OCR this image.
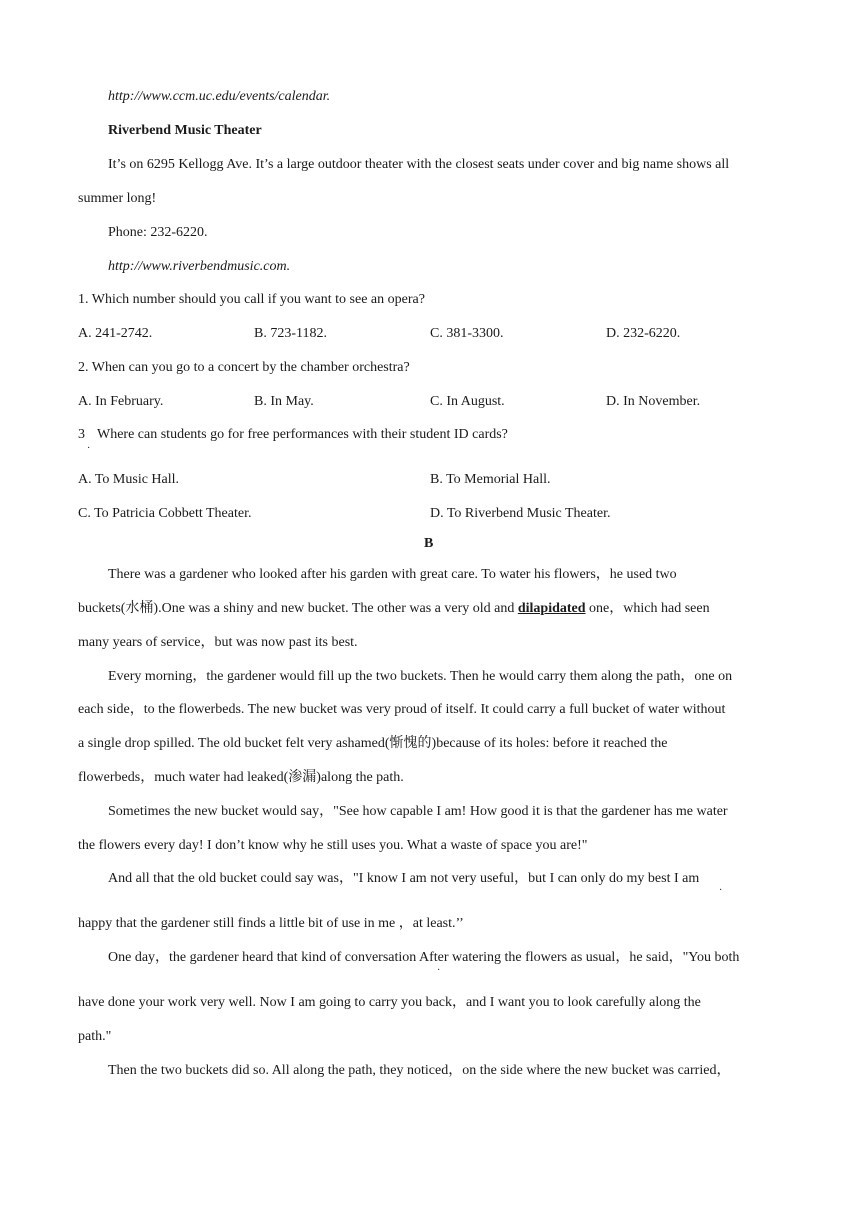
http://www.ccm.uc.edu/events/calendar.
Riverbend Music Theater
It’s on 6295 Kellogg Ave. It’s a large outdoor theater with the closest seats under cover and big name shows all
summer long!
Phone: 232-6220.
http://www.riverbendmusic.com.
1. Which number should you call if you want to see an opera?
A. 241-2742.	B. 723-1182.	C. 381-3300.	D. 232-6220.
2. When can you go to a concert by the chamber orchestra?
A. In February.	B. In May.	C. In August.	D. In November.
3
·
Where can students go for free performances with their student ID cards?
A. To Music Hall.	B. To Memorial Hall.
C. To Patricia Cobbett Theater.	D. To Riverbend Music Theater.
B
There was a gardener who looked after his garden with great care. To water his flowers，he used two
buckets(水桶).One was a shiny and new bucket. The other was a very old and dilapidated one，which had seen
many years of service，but was now past its best.
Every morning，the gardener would fill up the two buckets. Then he would carry them along the path，one on
each side，to the flowerbeds. The new bucket was very proud of itself. It could carry a full bucket of water without
a single drop spilled. The old bucket felt very ashamed(惭愧的)because of its holes: before it reached the
flowerbeds，much water had leaked(渗漏)along the path.
Sometimes the new bucket would say，"See how capable I am! How good it is that the gardener has me water
the flowers every day! I don’t know why he still uses you. What a waste of space you are!"
And all that the old bucket could say was，"I know I am not very useful，but I can only do my best I am
·
happy that the gardener still finds a little bit of use in me ，at least.’’
One day，the gardener heard that kind of conversation After watering the flowers as usual，he said，"You both
·
have done your work very well. Now I am going to carry you back，and I want you to look carefully along the
path."
Then the two buckets did so. All along the path, they noticed，on the side where the new bucket was carried，
